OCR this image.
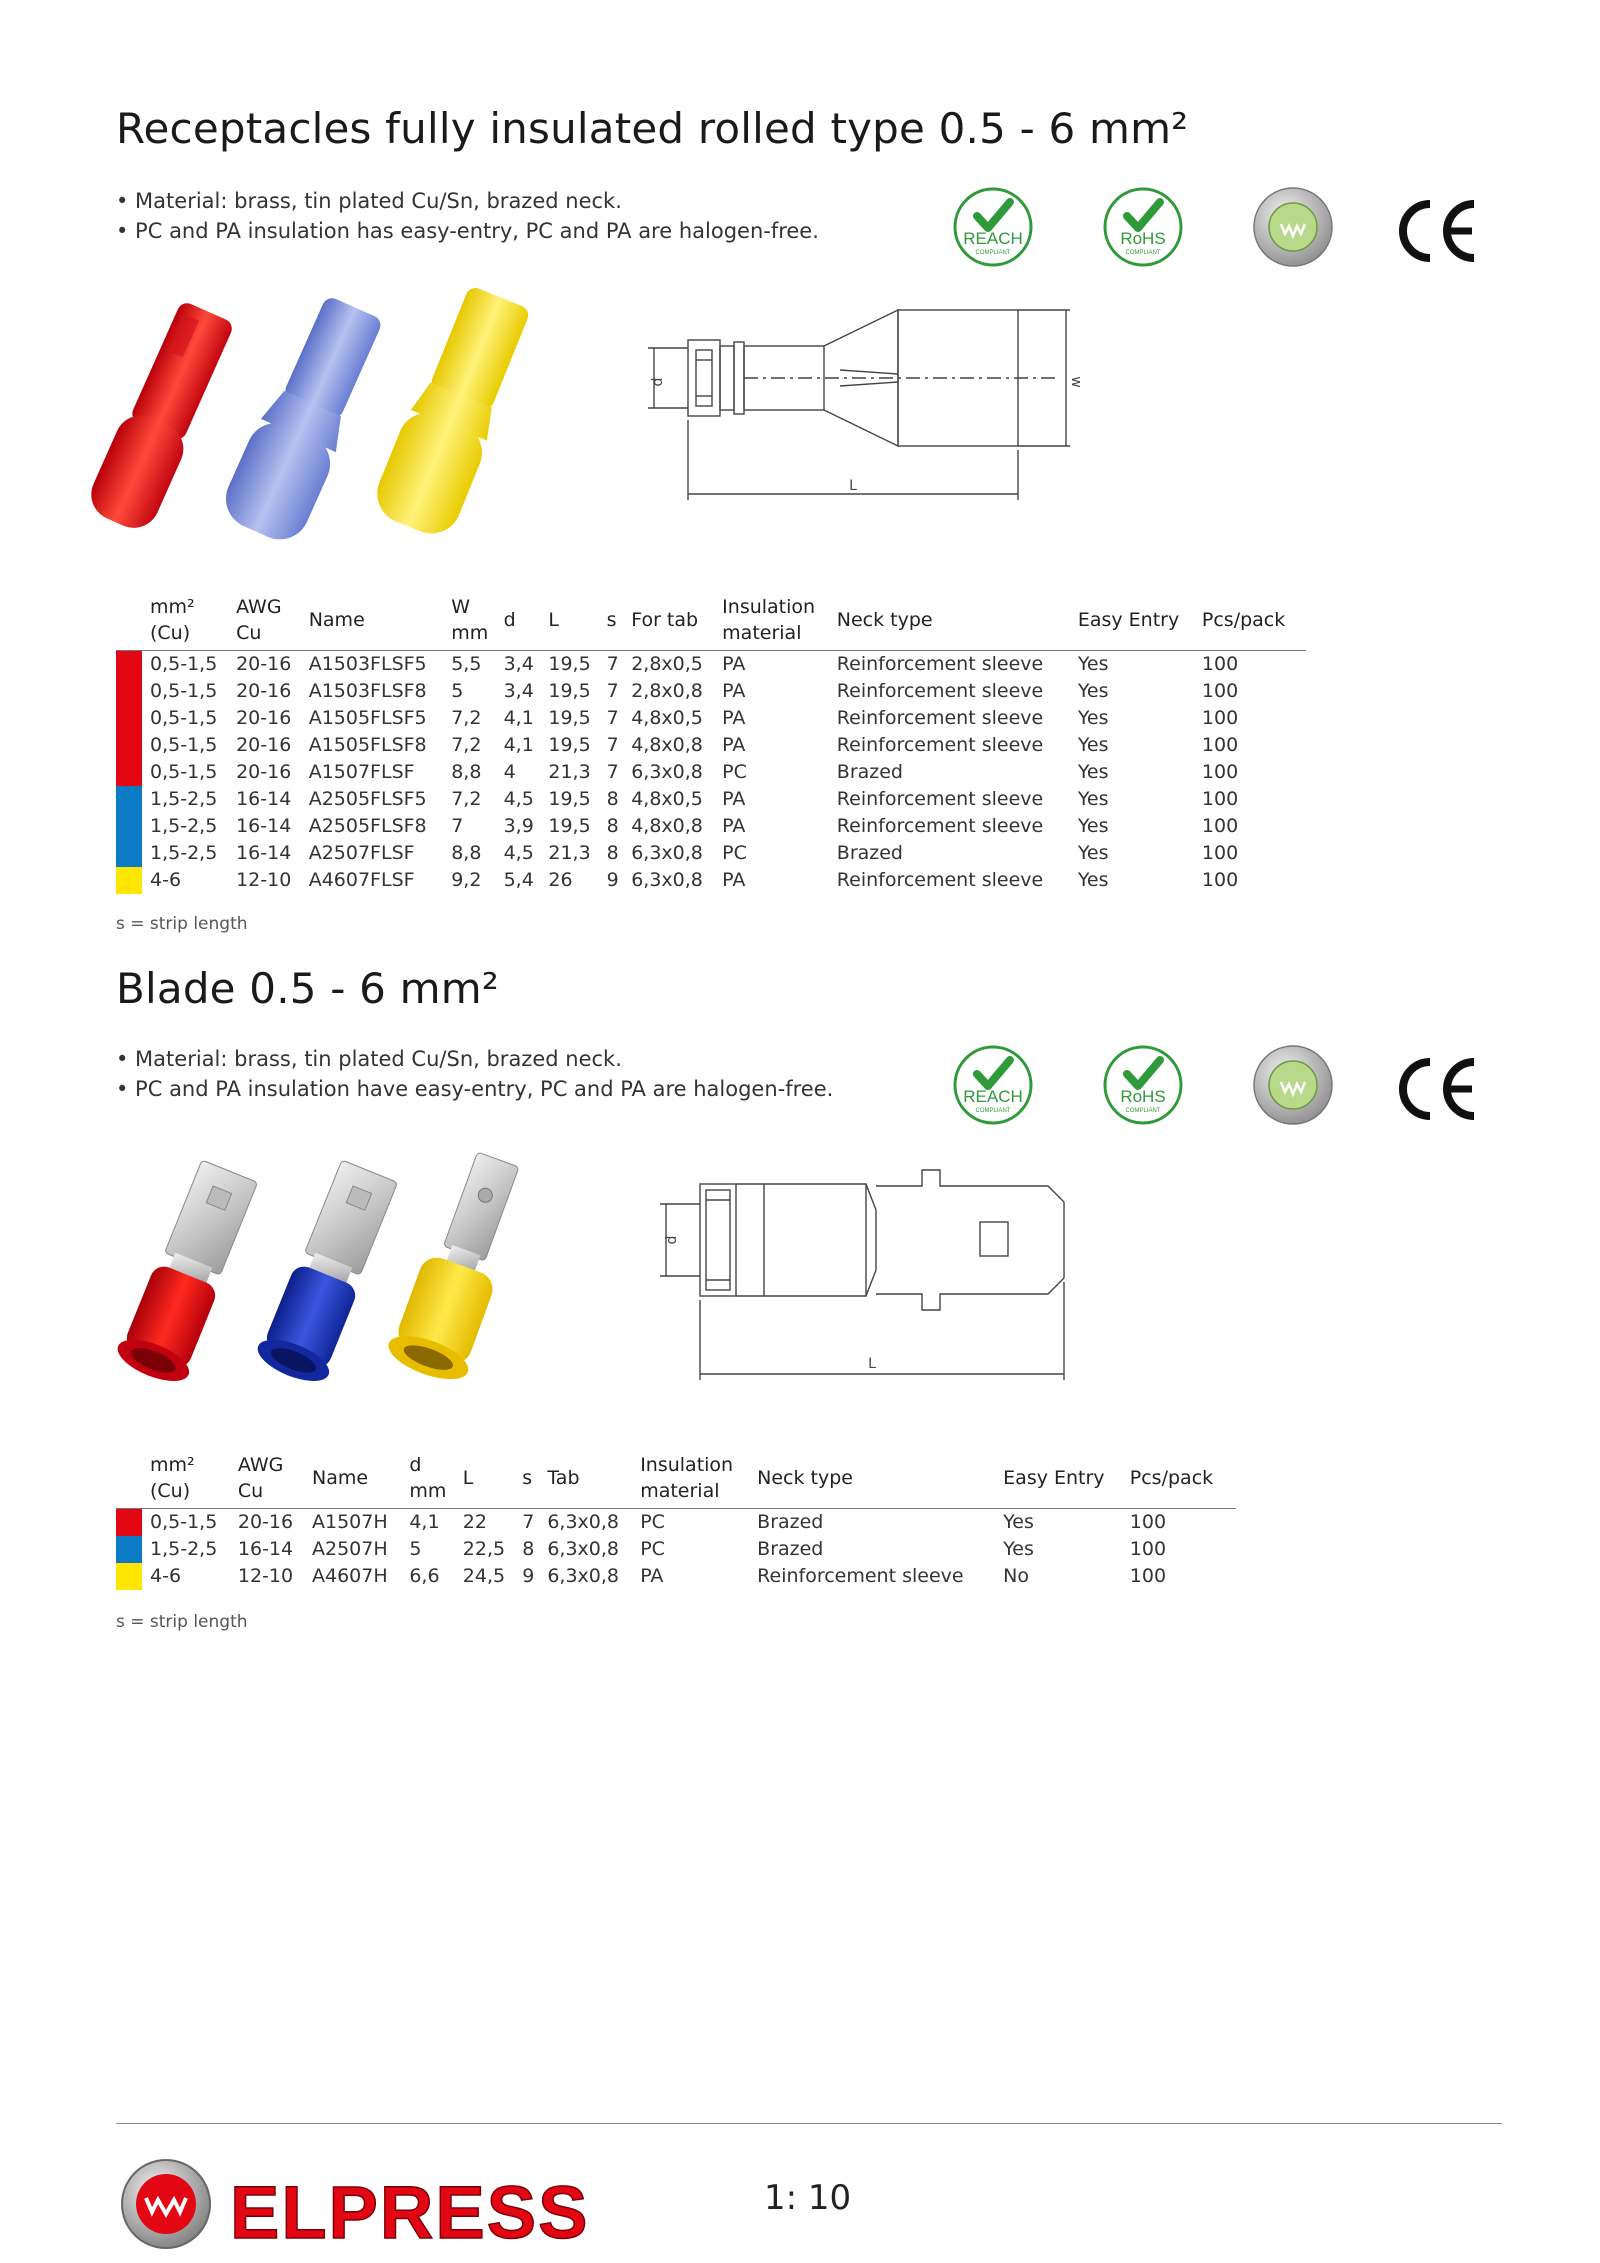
Receptacles fully insulated rolled type 0.5 - 6 mm²
• Material: brass, tin plated Cu/Sn, brazed neck.
• PC and PA insulation has easy-entry, PC and PA are halogen-free.	REACH
COMPLIANT
RoHS
COMPLIANT
d	w
L
	mm²
(Cu)	AWG
Cu	Name	W
mm	d	L	s	For tab	Insulation
material	Neck type	Easy Entry	Pcs/pack

	0,5-1,5	20-16	A1503FLSF5	5,5	3,4	19,5	7	2,8x0,5	PA	Reinforcement sleeve	Yes	100

	0,5-1,5	20-16	A1503FLSF8	5	3,4	19,5	7	2,8x0,8	PA	Reinforcement sleeve	Yes	100

	0,5-1,5	20-16	A1505FLSF5	7,2	4,1	19,5	7	4,8x0,5	PA	Reinforcement sleeve	Yes	100

	0,5-1,5	20-16	A1505FLSF8	7,2	4,1	19,5	7	4,8x0,8	PA	Reinforcement sleeve	Yes	100

	0,5-1,5	20-16	A1507FLSF	8,8	4	21,3	7	6,3x0,8	PC	Brazed	Yes	100

	1,5-2,5	16-14	A2505FLSF5	7,2	4,5	19,5	8	4,8x0,5	PA	Reinforcement sleeve	Yes	100

	1,5-2,5	16-14	A2505FLSF8	7	3,9	19,5	8	4,8x0,8	PA	Reinforcement sleeve	Yes	100

	1,5-2,5	16-14	A2507FLSF	8,8	4,5	21,3	8	6,3x0,8	PC	Brazed	Yes	100

	4-6	12-10	A4607FLSF	9,2	5,4	26	9	6,3x0,8	PA	Reinforcement sleeve	Yes	100
s = strip length
Blade 0.5 - 6 mm²
• Material: brass, tin plated Cu/Sn, brazed neck.
• PC and PA insulation have easy-entry, PC and PA are halogen-free.	REACH
COMPLIANT
RoHS
COMPLIANT
d
L
	mm²
(Cu)	AWG
Cu	Name	d
mm	L	s	Tab	Insulation
material	Neck type	Easy Entry	Pcs/pack

	0,5-1,5	20-16	A1507H	4,1	22	7	6,3x0,8	PC	Brazed	Yes	100

	1,5-2,5	16-14	A2507H	5	22,5	8	6,3x0,8	PC	Brazed	Yes	100

	4-6	12-10	A4607H	6,6	24,5	9	6,3x0,8	PA	Reinforcement sleeve	No	100
s = strip length
ELPRESS	1: 10
